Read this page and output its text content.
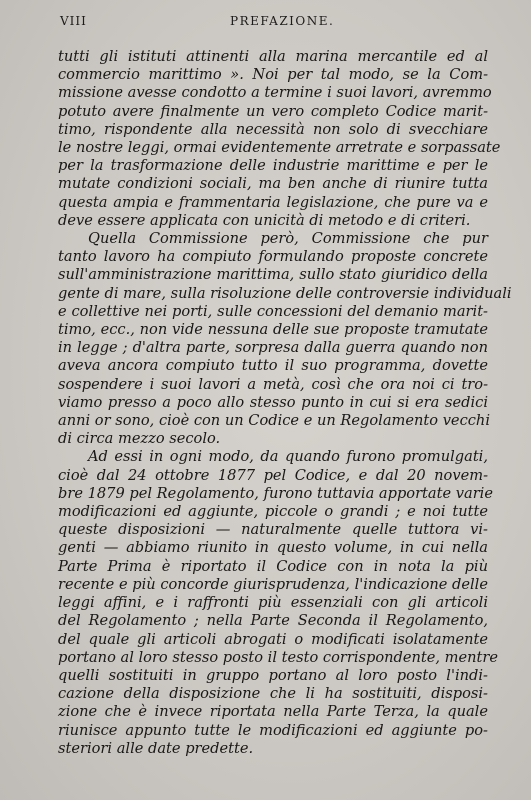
VIII	PREFAZIONE.
tutti gli istituti attinenti alla marina mercantile ed al
commercio marittimo ». Noi per tal modo, se la Com-
missione avesse condotto a termine i suoi lavori, avremmo
potuto avere finalmente un vero completo Codice marit-
timo, rispondente alla necessità non solo di svecchiare
le nostre leggi, ormai evidentemente arretrate e sorpassate
per la trasformazione delle industrie marittime e per le
mutate condizioni sociali, ma ben anche di riunire tutta
questa ampia e frammentaria legislazione, che pure va e
deve essere applicata con unicità di metodo e di criteri.
Quella Commissione però, Commissione che pur
tanto lavoro ha compiuto formulando proposte concrete
sull'amministrazione marittima, sullo stato giuridico della
gente di mare, sulla risoluzione delle controversie individuali
e collettive nei porti, sulle concessioni del demanio marit-
timo, ecc., non vide nessuna delle sue proposte tramutate
in legge ; d'altra parte, sorpresa dalla guerra quando non
aveva ancora compiuto tutto il suo programma, dovette
sospendere i suoi lavori a metà, così che ora noi ci tro-
viamo presso a poco allo stesso punto in cui si era sedici
anni or sono, cioè con un Codice e un Regolamento vecchi
di circa mezzo secolo.
Ad essi in ogni modo, da quando furono promulgati,
cioè dal 24 ottobre 1877 pel Codice, e dal 20 novem-
bre 1879 pel Regolamento, furono tuttavia apportate varie
modificazioni ed aggiunte, piccole o grandi ; e noi tutte
queste disposizioni — naturalmente quelle tuttora vi-
genti — abbiamo riunito in questo volume, in cui nella
Parte Prima è riportato il Codice con in nota la più
recente e più concorde giurisprudenza, l'indicazione delle
leggi affini, e i raffronti più essenziali con gli articoli
del Regolamento ; nella Parte Seconda il Regolamento,
del quale gli articoli abrogati o modificati isolatamente
portano al loro stesso posto il testo corrispondente, mentre
quelli sostituiti in gruppo portano al loro posto l'indi-
cazione della disposizione che li ha sostituiti, disposi-
zione che è invece riportata nella Parte Terza, la quale
riunisce appunto tutte le modificazioni ed aggiunte po-
steriori alle date predette.
